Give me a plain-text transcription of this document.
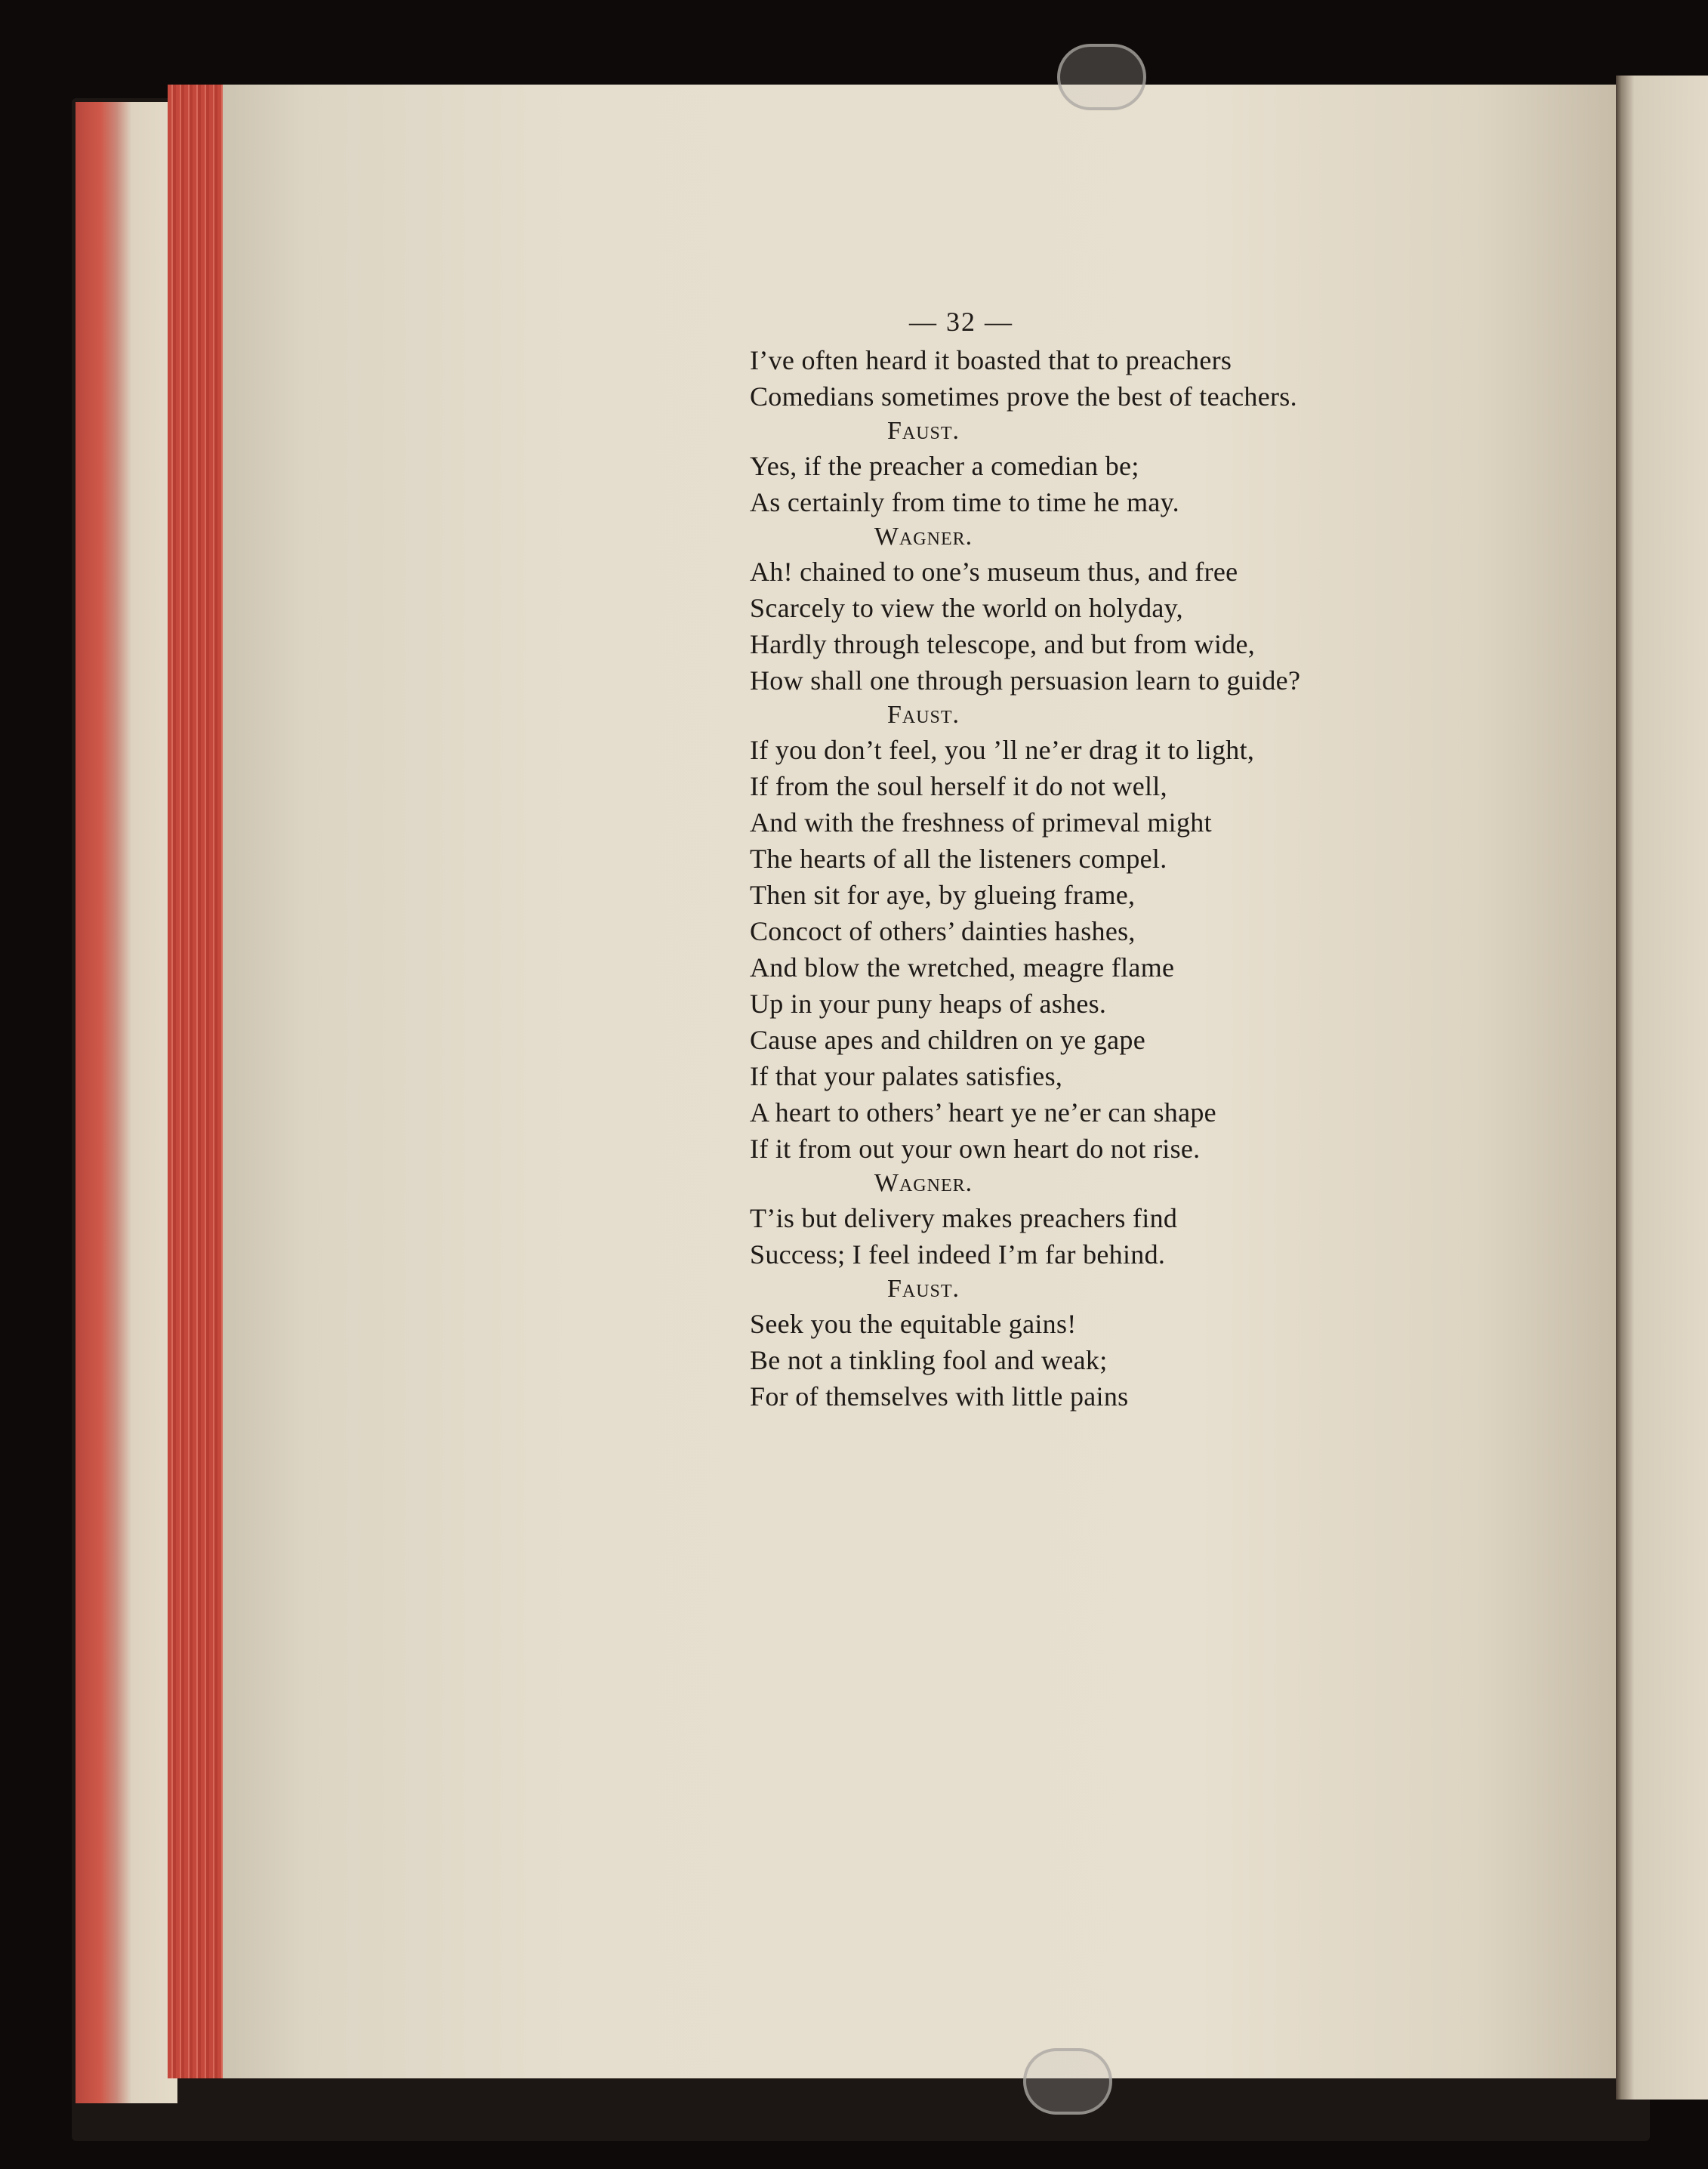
— 32 —
I’ve often heard it boasted that to preachers
Comedians sometimes prove the best of teachers.
Faust.
Yes, if the preacher a comedian be;
As certainly from time to time he may.
Wagner.
Ah! chained to one’s museum thus, and free
Scarcely to view the world on holyday,
Hardly through telescope, and but from wide,
How shall one through persuasion learn to guide?
Faust.
If you don’t feel, you ’ll ne’er drag it to light,
If from the soul herself it do not well,
And with the freshness of primeval might
The hearts of all the listeners compel.
Then sit for aye, by glueing frame,
Concoct of others’ dainties hashes,
And blow the wretched, meagre flame
Up in your puny heaps of ashes.
Cause apes and children on ye gape
If that your palates satisfies,
A heart to others’ heart ye ne’er can shape
If it from out your own heart do not rise.
Wagner.
T’is but delivery makes preachers find
Success; I feel indeed I’m far behind.
Faust.
Seek you the equitable gains!
Be not a tinkling fool and weak;
For of themselves with little pains
